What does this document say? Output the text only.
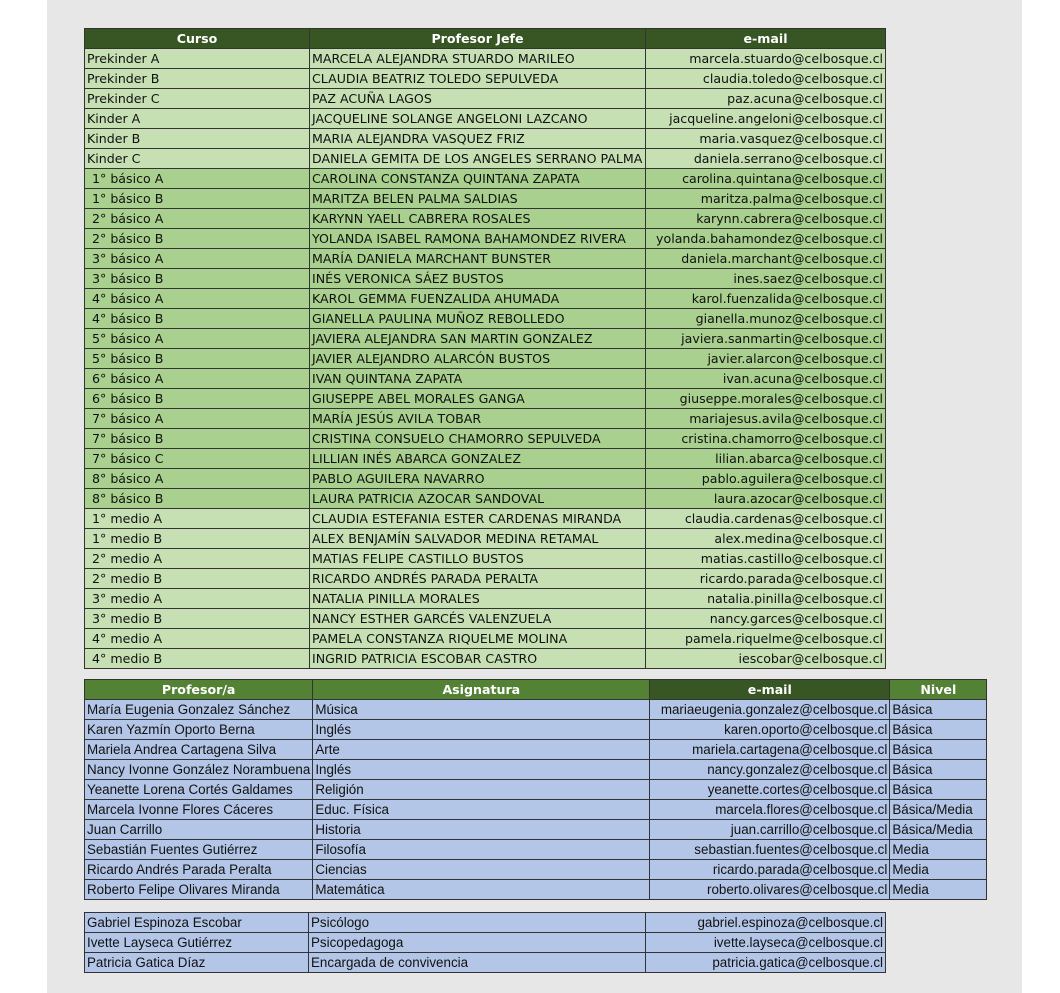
Curso	Profesor Jefe	e-mail
Prekinder A	MARCELA ALEJANDRA STUARDO MARILEO	marcela.stuardo@celbosque.cl
Prekinder B	CLAUDIA BEATRIZ TOLEDO SEPULVEDA	claudia.toledo@celbosque.cl
Prekinder C	PAZ ACUÑA LAGOS	paz.acuna@celbosque.cl
Kinder A	JACQUELINE SOLANGE ANGELONI LAZCANO	jacqueline.angeloni@celbosque.cl
Kinder B	MARIA ALEJANDRA VASQUEZ FRIZ	maria.vasquez@celbosque.cl
Kinder C	DANIELA GEMITA DE LOS ANGELES SERRANO PALMA	daniela.serrano@celbosque.cl
1° básico A	CAROLINA CONSTANZA QUINTANA ZAPATA	carolina.quintana@celbosque.cl
1° básico B	MARITZA BELEN PALMA SALDIAS	maritza.palma@celbosque.cl
2° básico A	KARYNN YAELL CABRERA ROSALES	karynn.cabrera@celbosque.cl
2° básico B	YOLANDA ISABEL RAMONA BAHAMONDEZ RIVERA	yolanda.bahamondez@celbosque.cl
3° básico A	MARÍA DANIELA MARCHANT BUNSTER	daniela.marchant@celbosque.cl
3° básico B	INÉS VERONICA SÁEZ BUSTOS	ines.saez@celbosque.cl
4° básico A	KAROL GEMMA FUENZALIDA AHUMADA	karol.fuenzalida@celbosque.cl
4° básico B	GIANELLA PAULINA MUÑOZ REBOLLEDO	gianella.munoz@celbosque.cl
5° básico A	JAVIERA ALEJANDRA SAN MARTIN GONZALEZ	javiera.sanmartin@celbosque.cl
5° básico B	JAVIER ALEJANDRO ALARCÓN BUSTOS	javier.alarcon@celbosque.cl
6° básico A	IVAN QUINTANA ZAPATA	ivan.acuna@celbosque.cl
6° básico B	GIUSEPPE ABEL MORALES GANGA	giuseppe.morales@celbosque.cl
7° básico A	MARÍA JESÚS AVILA TOBAR	mariajesus.avila@celbosque.cl
7° básico B	CRISTINA CONSUELO CHAMORRO SEPULVEDA	cristina.chamorro@celbosque.cl
7° básico C	LILLIAN INÉS ABARCA GONZALEZ	lilian.abarca@celbosque.cl
8° básico A	PABLO AGUILERA NAVARRO	pablo.aguilera@celbosque.cl
8° básico B	LAURA PATRICIA AZOCAR SANDOVAL	laura.azocar@celbosque.cl
1° medio A	CLAUDIA ESTEFANIA ESTER CARDENAS MIRANDA	claudia.cardenas@celbosque.cl
1° medio B	ALEX BENJAMÍN SALVADOR MEDINA RETAMAL	alex.medina@celbosque.cl
2° medio A	MATIAS FELIPE CASTILLO BUSTOS	matias.castillo@celbosque.cl
2° medio B	RICARDO ANDRÉS PARADA PERALTA	ricardo.parada@celbosque.cl
3° medio A	NATALIA PINILLA MORALES	natalia.pinilla@celbosque.cl
3° medio B	NANCY ESTHER GARCÉS VALENZUELA	nancy.garces@celbosque.cl
4° medio A	PAMELA CONSTANZA RIQUELME MOLINA	pamela.riquelme@celbosque.cl
4° medio B	INGRID PATRICIA ESCOBAR CASTRO	iescobar@celbosque.cl
Profesor/a	Asignatura	e-mail	Nivel
María Eugenia Gonzalez Sánchez	Música	mariaeugenia.gonzalez@celbosque.cl	Básica
Karen Yazmín Oporto Berna	Inglés	karen.oporto@celbosque.cl	Básica
Mariela Andrea Cartagena Silva	Arte	mariela.cartagena@celbosque.cl	Básica
Nancy Ivonne González Norambuena	Inglés	nancy.gonzalez@celbosque.cl	Básica
Yeanette Lorena Cortés Galdames	Religión	yeanette.cortes@celbosque.cl	Básica
Marcela Ivonne Flores Cáceres	Educ. Física	marcela.flores@celbosque.cl	Básica/Media
Juan Carrillo	Historia	juan.carrillo@celbosque.cl	Básica/Media
Sebastián Fuentes Gutiérrez	Filosofía	sebastian.fuentes@celbosque.cl	Media
Ricardo Andrés Parada Peralta	Ciencias	ricardo.parada@celbosque.cl	Media
Roberto Felipe Olivares Miranda	Matemática	roberto.olivares@celbosque.cl	Media
Gabriel Espinoza Escobar	Psicólogo	gabriel.espinoza@celbosque.cl
Ivette Layseca Gutiérrez	Psicopedagoga	ivette.layseca@celbosque.cl
Patricia Gatica Díaz	Encargada de convivencia	patricia.gatica@celbosque.cl
